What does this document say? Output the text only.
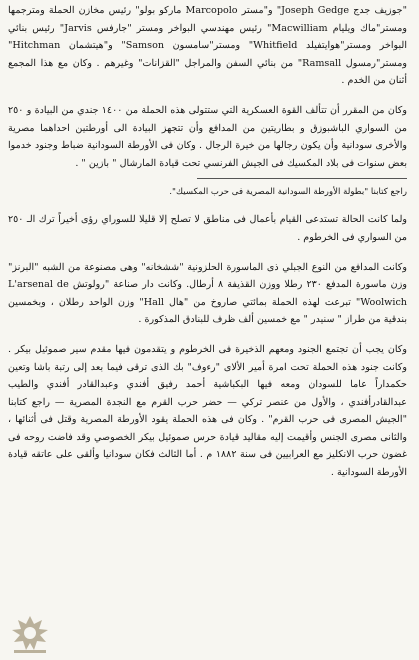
"جوزيف جدج Joseph Gedge" و"مستر Marcopolo مارکو بولو" رئيس مخازن الحملة ومترجمها ومستر"ماك ويليام Macwilliam" رئيس مهندسي البواخر ومستر "جارفس Jarvis" رئيس بنائي البواخر ومستر"هوايتفيلد Whitfield" ومستر"سامسون Samson" و"هيتشمان Hitchman" ومستر"رمسول Ramsall" من بنائي السفن والمراجل "القزانات" وغيرهم . وكان مع هذا المجمع أثنان من الخدم .

وكان من المقرر أن تتألف القوة العسكرية التي ستتولى هذه الحملة من ١٤٠٠ جندي من البيادة و ٢٥٠ من السواري الباشبوزق و بطاريتين من المدافع وأن تتجهز البيادة الى أورطتين احداهما مصرية والأخرى سودانية وأن يكون رجالها من خيرة الرجال . وكان فى الأورطة السودانية ضباط وجنود خدموا بعض سنوات فى بلاد المكسيك فى الجيش الفرنسي تحت قيادة المارشال " بازين " .

راجع كتابنا "بطولة الأورطة السودانية المصرية فى حرب المكسيك".

ولما كانت الحالة تستدعى القيام بأعمال فى مناطق لا تصلح إلا قليلا للسوراي رؤى أخيراً ترك الـ ٢٥٠ من السواري فى الخرطوم .

وكانت المدافع من النوع الجبلي ذى الماسورة الحلزونية "ششخانه" وهى مصنوعة من الشبه "البرنز" وزن ماسورة المدفع ٢٣٠ رطلا ووزن القذيفة ٨ أرطال. وكانت دار صناعة "رولوتش L'arsenal de Woolwich" تبرعت لهذه الحملة بمائتي صاروخ من "هال Hall" وزن الواحد رطلان ، وبخمسين بندقية من طراز " سنيدر " مع خمسين ألف ظرف للبنادق المذكورة .

وكان يجب أن تجتمع الجنود ومعهم الذخيرة فى الخرطوم و يتقدمون فيها مقدم سير صموئيل بيكر . وكانت جنود هذه الحملة تحت امرة أمير الألاى "رءوف" بك الذى ترقى فيما بعد إلى رتبة باشا وتعين حكمداراً عاما للسودان ومعه فيها البكباشية أحمد رفيق أفندي وعبدالقادر أفندي والطيب عبدالقادرأفندي ، والأول من عنصر تركي — حضر حرب القرم مع النجدة المصرية — راجع كتابنا "الجيش المصرى فى حرب القرم" . وكان فى هذه الحملة يقود الأورطة المصرية وقتل فى أثنائها ، والثانى مصرى الجنس وأقيمت إليه مقاليد قيادة حرس صموئيل بيكر الخصوصي وقد فاضت روحه فى غضون حرب الانكليز مع العرابيين فى سنة ١٨٨٢ م . أما الثالث فكان سودانيا وألقى على عاتقه قيادة الأورطة السودانية .
